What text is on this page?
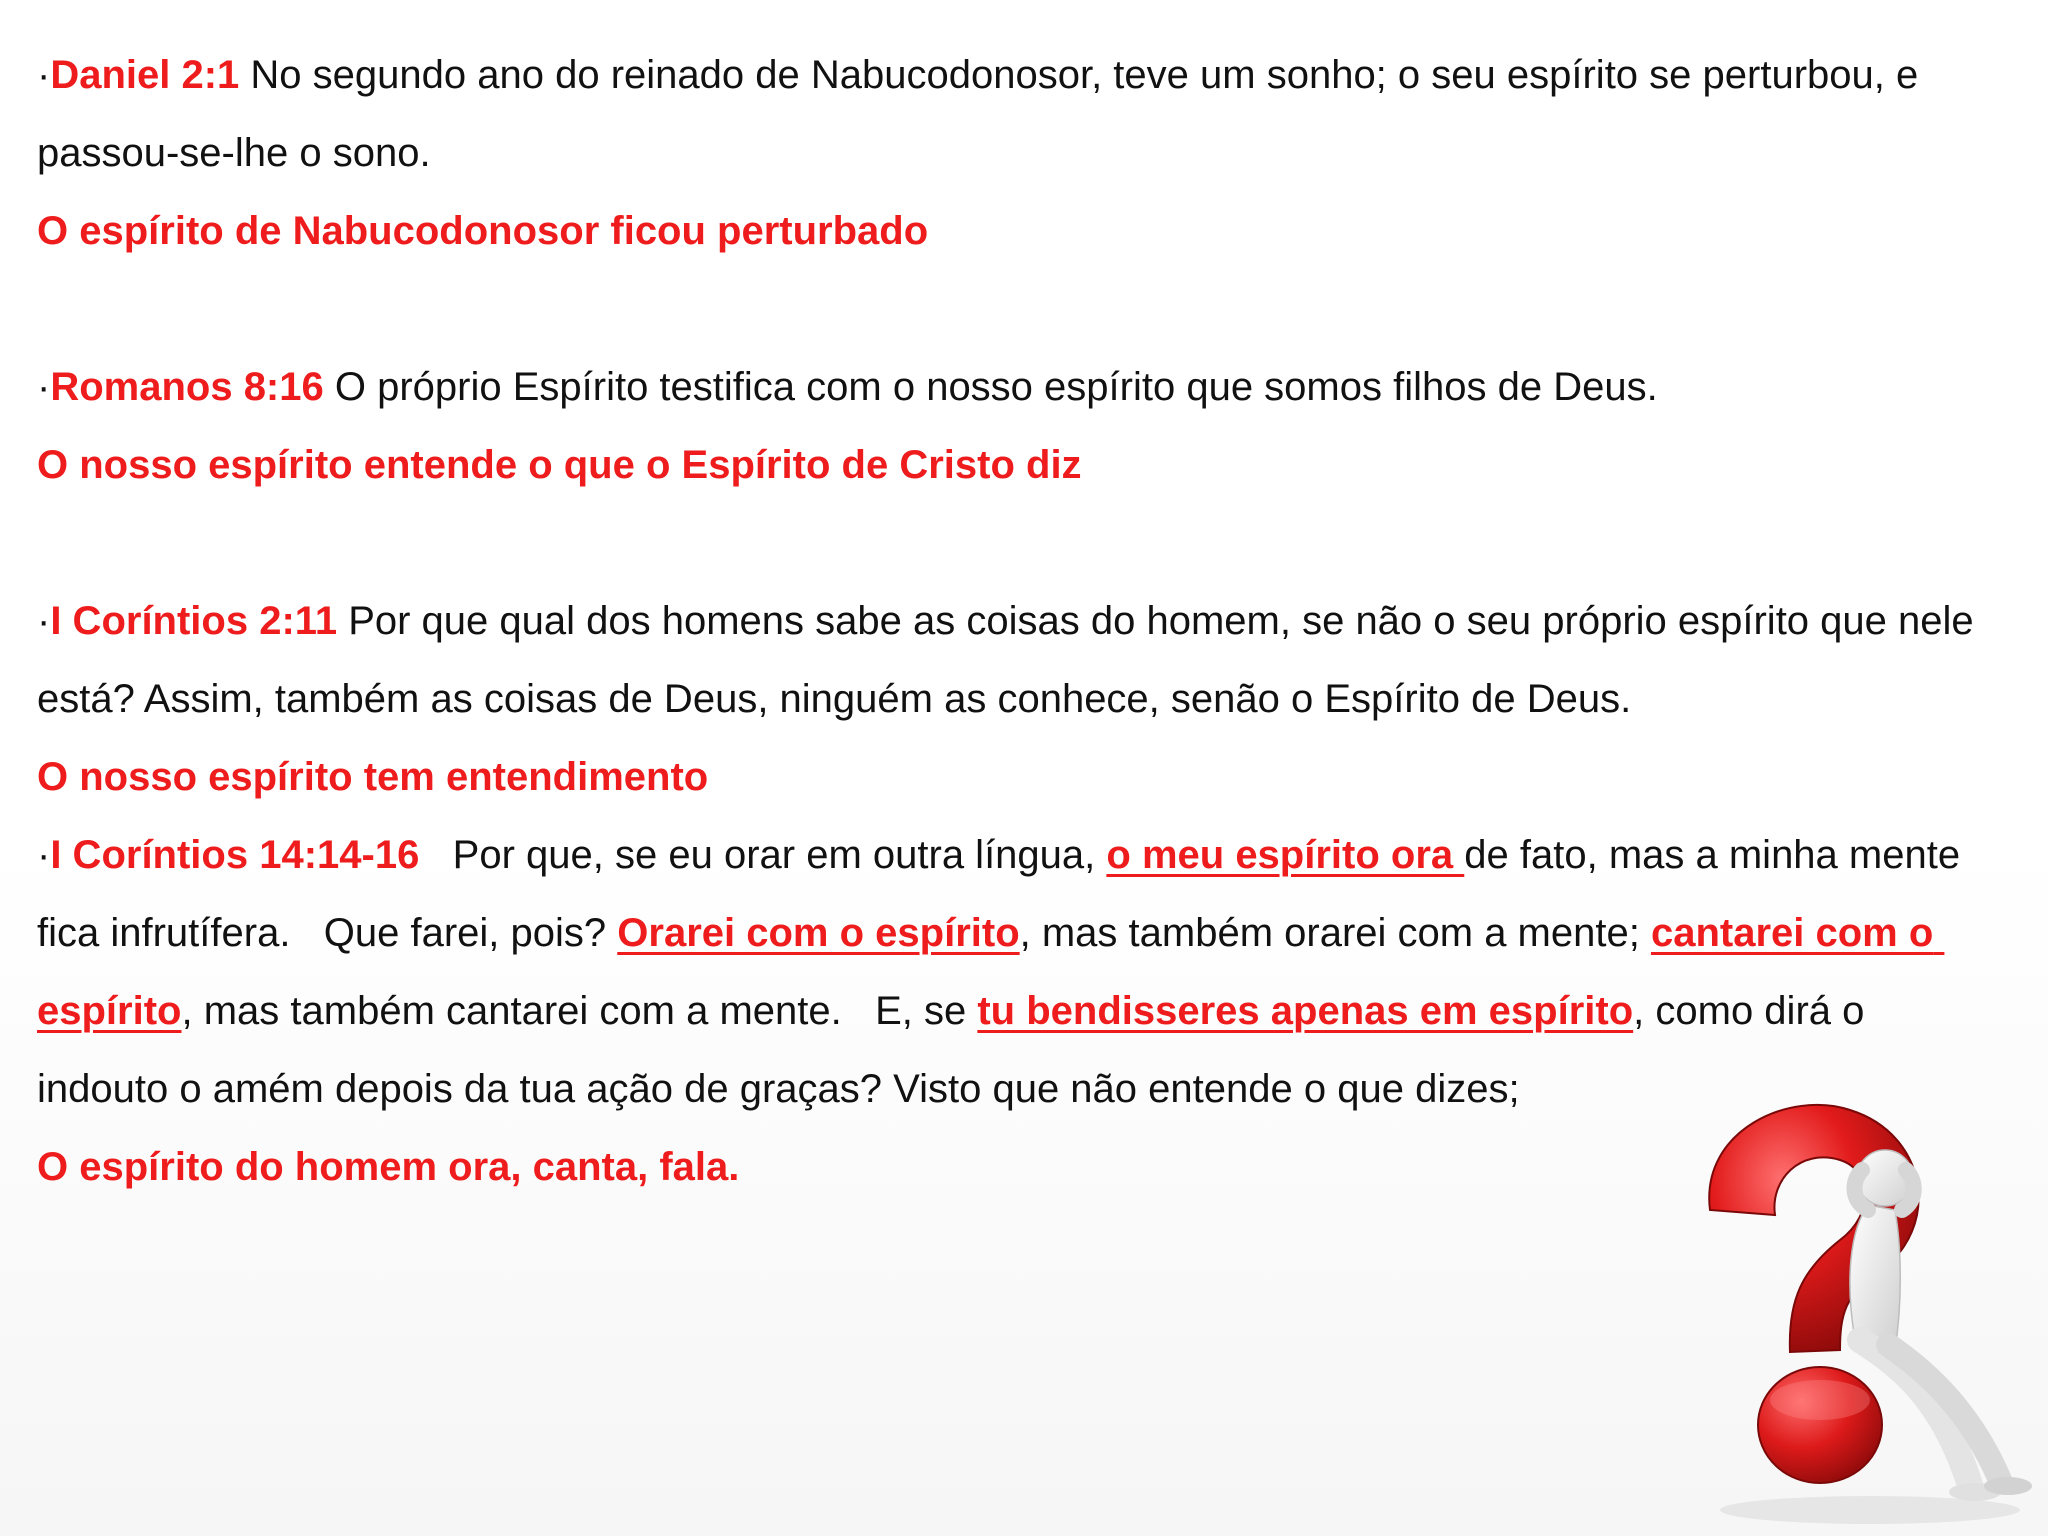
·Daniel 2:1 No segundo ano do reinado de Nabucodonosor, teve um sonho; o seu espírito se perturbou, e passou-se-lhe o sono.

O espírito de Nabucodonosor ficou perturbado

·Romanos 8:16 O próprio Espírito testifica com o nosso espírito que somos filhos de Deus.

O nosso espírito entende o que o Espírito de Cristo diz

·I Coríntios 2:11 Por que qual dos homens sabe as coisas do homem, se não o seu próprio espírito que nele está? Assim, também as coisas de Deus, ninguém as conhece, senão o Espírito de Deus.

O nosso espírito tem entendimento

·I Coríntios 14:14-16   Por que, se eu orar em outra língua, o meu espírito ora de fato, mas a minha mente fica infrutífera.   Que farei, pois? Orarei com o espírito, mas também orarei com a mente; cantarei com o espírito, mas também cantarei com a mente.   E, se tu bendisseres apenas em espírito, como dirá o indouto o amém depois da tua ação de graças? Visto que não entende o que dizes;

O espírito do homem ora, canta, fala.
